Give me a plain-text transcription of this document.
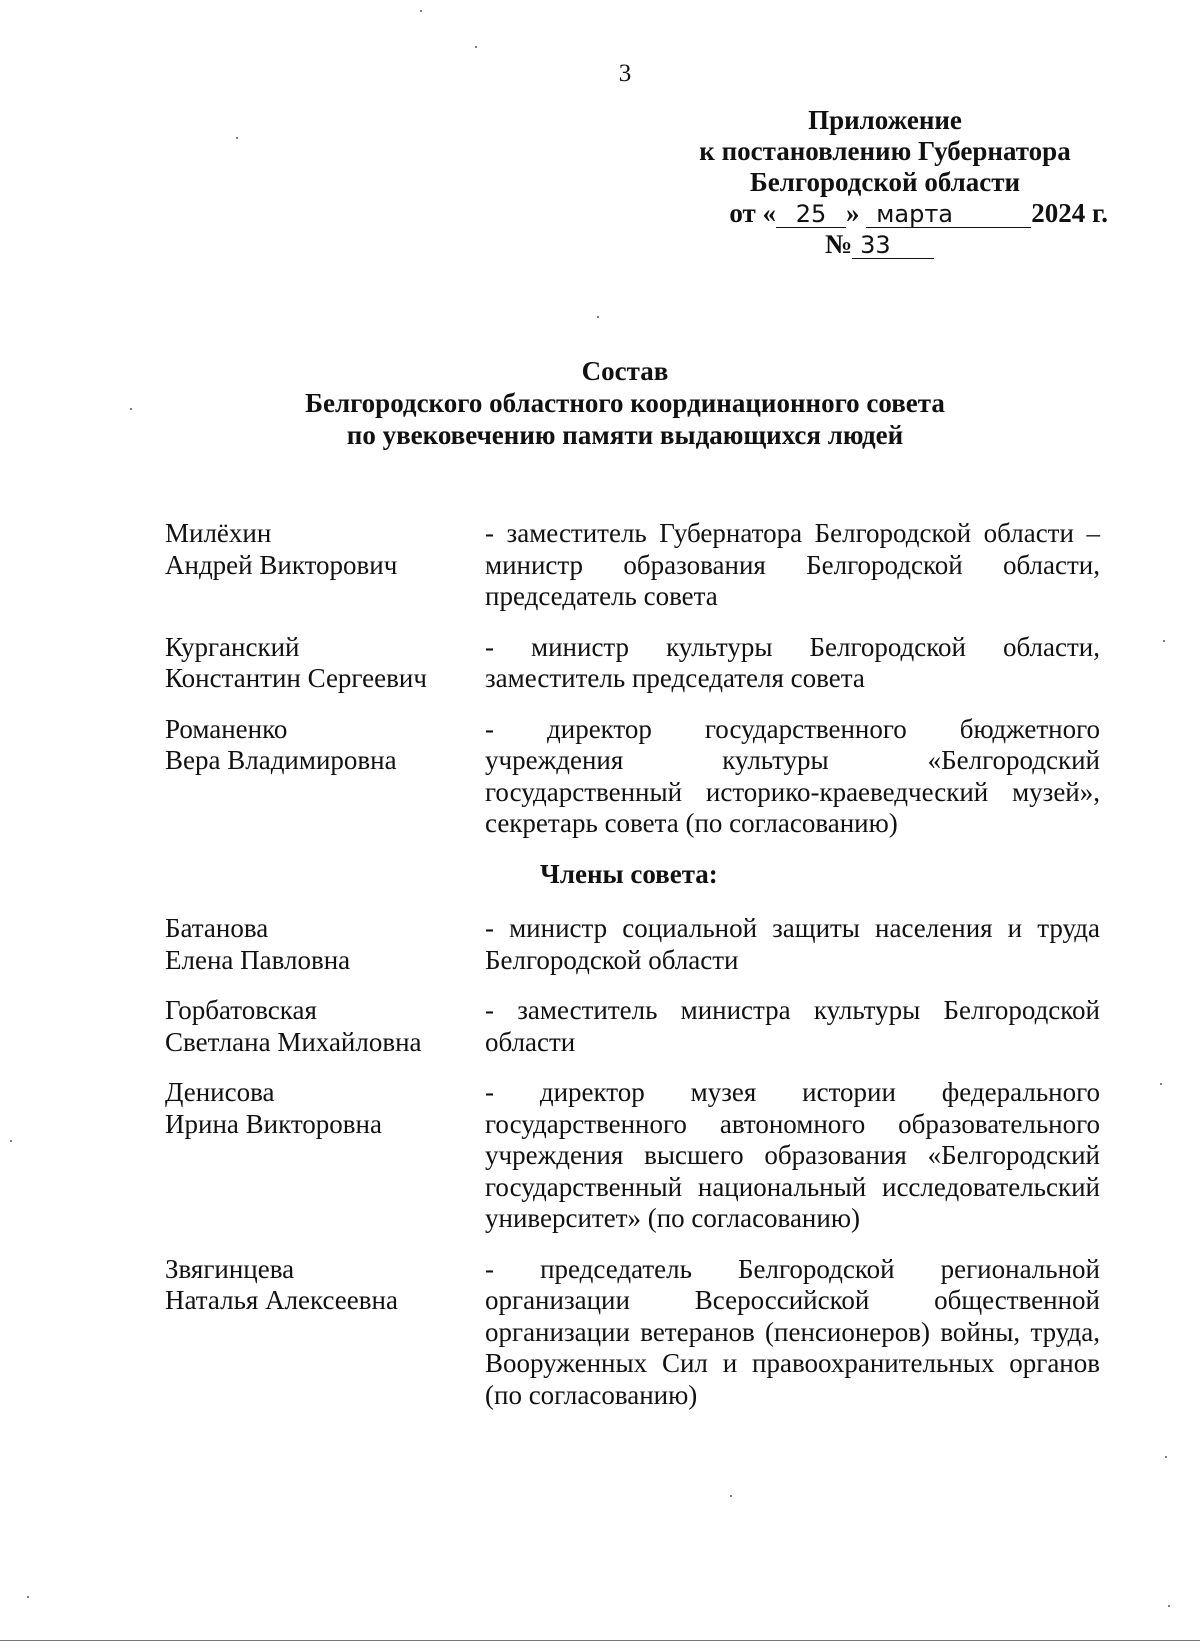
3
Приложение
к постановлению Губернатора
Белгородской области
от « 25 » марта	2024 г.
№ 33
Состав
Белгородского областного координационного совета
по увековечению памяти выдающихся людей
Милёхин
Андрей Викторович
- заместитель Губернатора Белгородской области – министр образования Белгородской области, председатель совета
Курганский
Константин Сергеевич
- министр культуры Белгородской области, заместитель председателя совета
Романенко
Вера Владимировна
- директор государственного бюджетного учреждения культуры «Белгородский государственный историко-краеведческий музей», секретарь совета (по согласованию)
Члены совета:
Батанова
Елена Павловна
- министр социальной защиты населения и труда Белгородской области
Горбатовская
Светлана Михайловна
- заместитель министра культуры Белгородской области
Денисова
Ирина Викторовна
- директор музея истории федерального государственного автономного образовательного учреждения высшего образования «Белгородский государственный национальный исследовательский университет» (по согласованию)
Звягинцева
Наталья Алексеевна
- председатель Белгородской региональной организации Всероссийской общественной организации ветеранов (пенсионеров) войны, труда, Вооруженных Сил и правоохранительных органов (по согласованию)
